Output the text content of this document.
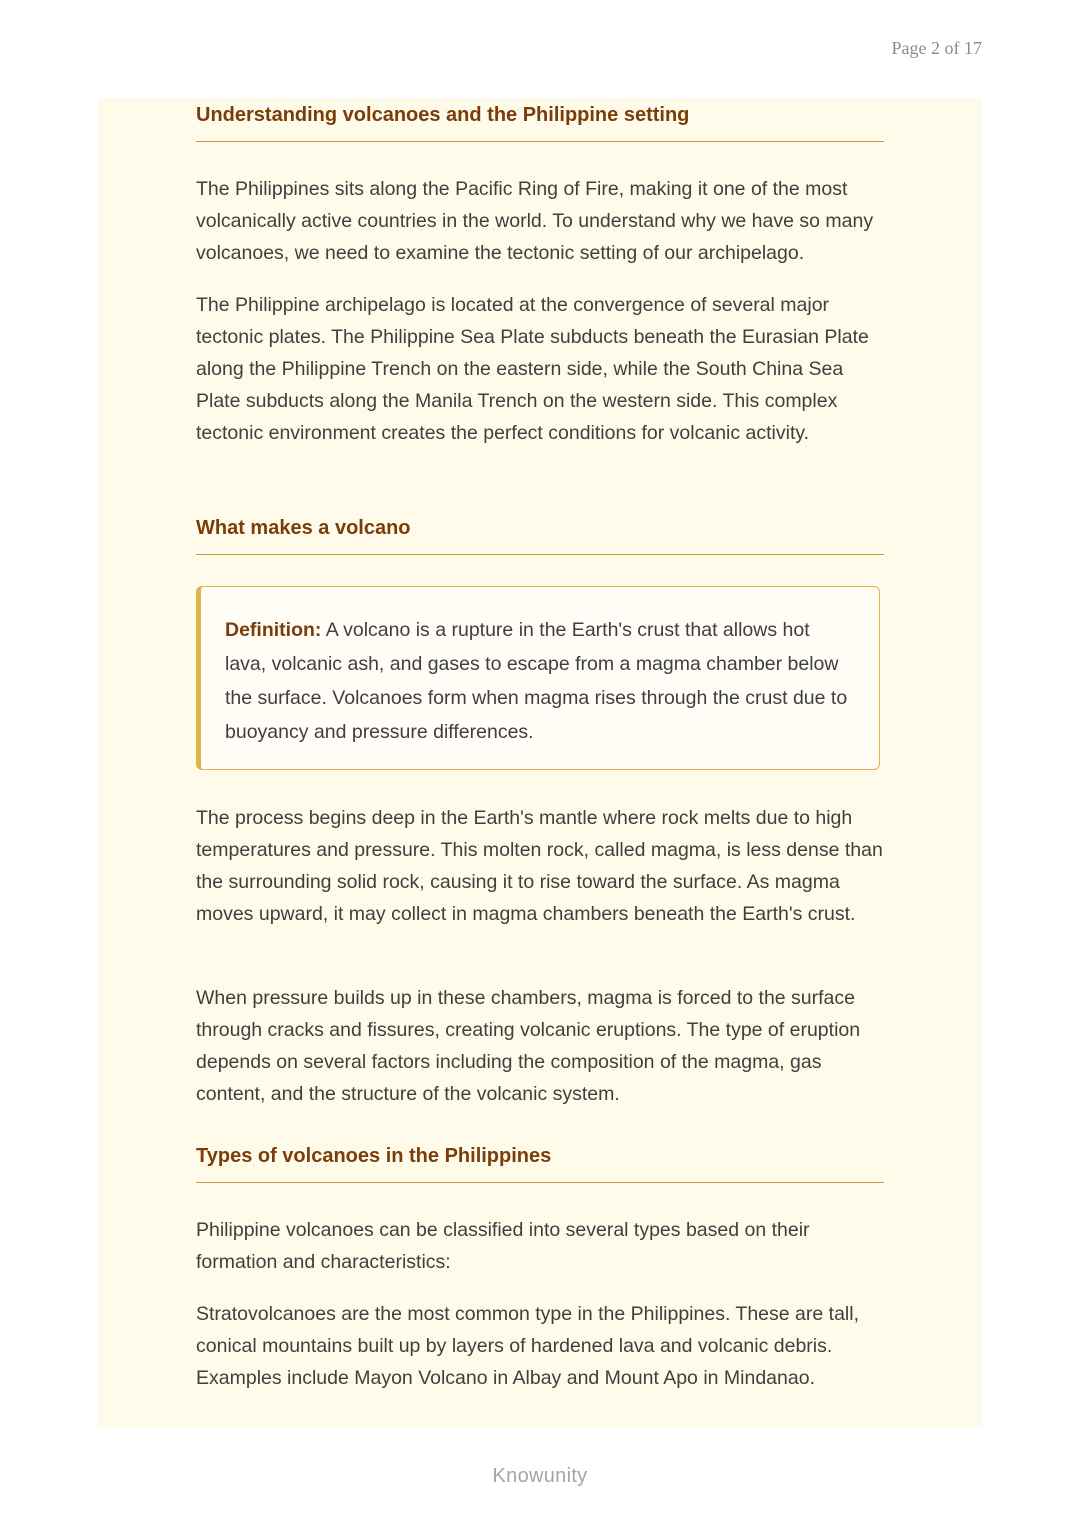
Page 2 of 17
Understanding volcanoes and the Philippine setting

The Philippines sits along the Pacific Ring of Fire, making it one of the most volcanically active countries in the world. To understand why we have so many volcanoes, we need to examine the tectonic setting of our archipelago.

The Philippine archipelago is located at the convergence of several major tectonic plates. The Philippine Sea Plate subducts beneath the Eurasian Plate along the Philippine Trench on the eastern side, while the South China Sea Plate subducts along the Manila Trench on the western side. This complex tectonic environment creates the perfect conditions for volcanic activity.

What makes a volcano

Definition: A volcano is a rupture in the Earth's crust that allows hot lava, volcanic ash, and gases to escape from a magma chamber below the surface. Volcanoes form when magma rises through the crust due to buoyancy and pressure differences.

The process begins deep in the Earth's mantle where rock melts due to high temperatures and pressure. This molten rock, called magma, is less dense than the surrounding solid rock, causing it to rise toward the surface. As magma moves upward, it may collect in magma chambers beneath the Earth's crust.

When pressure builds up in these chambers, magma is forced to the surface through cracks and fissures, creating volcanic eruptions. The type of eruption depends on several factors including the composition of the magma, gas content, and the structure of the volcanic system.

Types of volcanoes in the Philippines

Philippine volcanoes can be classified into several types based on their formation and characteristics:

Stratovolcanoes are the most common type in the Philippines. These are tall, conical mountains built up by layers of hardened lava and volcanic debris. Examples include Mayon Volcano in Albay and Mount Apo in Mindanao.

Knowunity
